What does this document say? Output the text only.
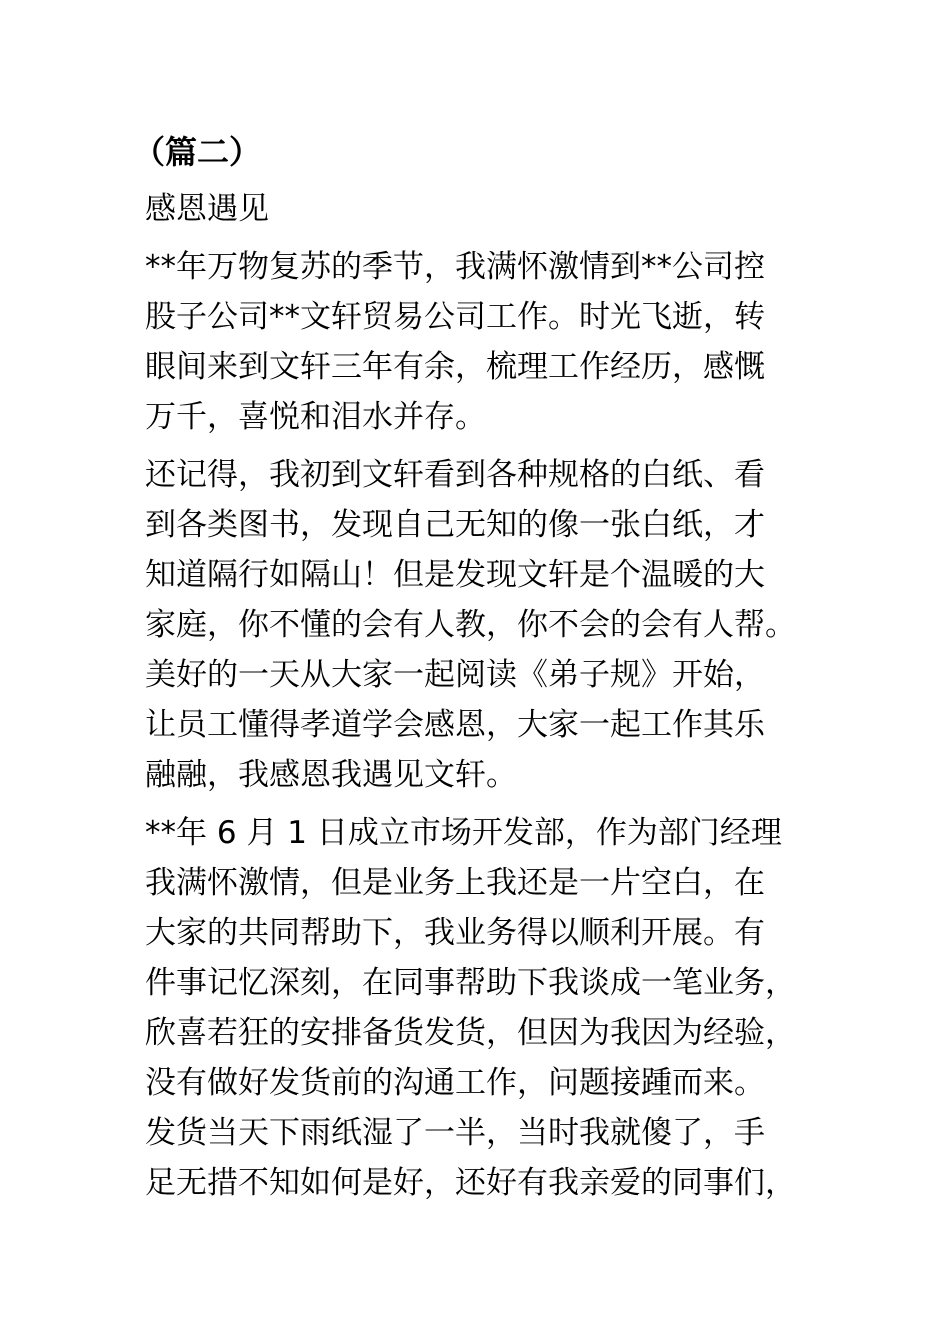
（篇二）
感恩遇见
**年万物复苏的季节，我满怀激情到**公司控
股子公司**文轩贸易公司工作。时光飞逝，转
眼间来到文轩三年有余，梳理工作经历，感慨
万千，喜悦和泪水并存。
还记得，我初到文轩看到各种规格的白纸、看
到各类图书，发现自己无知的像一张白纸，才
知道隔行如隔山！但是发现文轩是个温暖的大
家庭，你不懂的会有人教，你不会的会有人帮。
美好的一天从大家一起阅读《弟子规》开始，
让员工懂得孝道学会感恩，大家一起工作其乐
融融，我感恩我遇见文轩。
**年 6 月 1 日成立市场开发部，作为部门经理
我满怀激情，但是业务上我还是一片空白，在
大家的共同帮助下，我业务得以顺利开展。有
件事记忆深刻，在同事帮助下我谈成一笔业务，
欣喜若狂的安排备货发货，但因为我因为经验，
没有做好发货前的沟通工作，问题接踵而来。
发货当天下雨纸湿了一半，当时我就傻了，手
足无措不知如何是好，还好有我亲爱的同事们，
